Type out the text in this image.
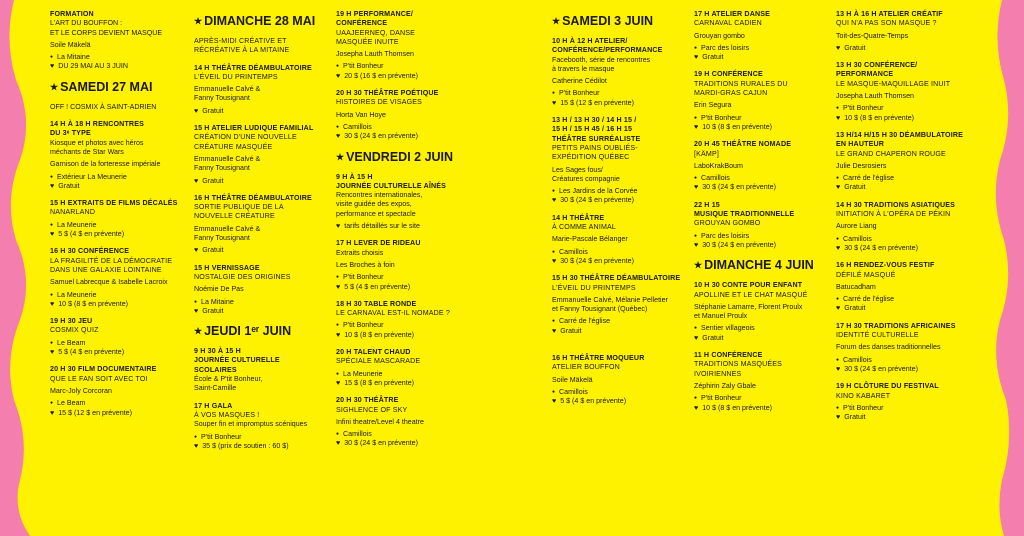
FORMATION
L'ART DU BOUFFON :
ET LE CORPS DEVIENT MASQUE
Soile Mäkelä
● La Mitaine
♥ DU 29 MAI AU 3 JUIN
★ SAMEDI 27 MAI
OFF ! COSMIX À SAINT-ADRIEN
14 H À 18 H RENCONTRES
DU 3ᵉ TYPE
Kiosque et photos avec héros
méchants de Star Wars
Garnison de la forteresse impériale
● Extérieur La Meunerie
♥ Gratuit
15 H EXTRAITS DE FILMS DÉCALÉS
NANARLAND
● La Meunerie
♥ 5 $ (4 $ en prévente)
16 H 30 CONFÉRENCE
LA FRAGILITÉ DE LA DÉMOCRATIE
DANS UNE GALAXIE LOINTAINE
Samuel Labrecque & Isabelle Lacroix
● La Meunerie
♥ 10 $ (8 $ en prévente)
19 H 30 JEU
COSMIX QUIZ
● Le Beam
♥ 5 $ (4 $ en prévente)
20 H 30 FILM DOCUMENTAIRE
QUE LE FAN SOIT AVEC TOI
Marc-Joly Corcoran
● Le Beam
♥ 15 $ (12 $ en prévente)
★ DIMANCHE 28 MAI
APRÈS-MIDI CRÉATIVE ET
RÉCRÉATIVE À LA MITAINE
14 H THÉÂTRE DÉAMBULATOIRE
L'ÉVEIL DU PRINTEMPS
Emmanuelle Calvé &
Fanny Tousignant
♥ Gratuit
15 H ATELIER LUDIQUE FAMILIAL
CRÉATION D'UNE NOUVELLE
CRÉATURE MASQUÉE
Emmanuelle Calvé &
Fanny Tousignant
♥ Gratuit
16 H THÉÂTRE DÉAMBULATOIRE
SORTIE PUBLIQUE DE LA
NOUVELLE CRÉATURE
Emmanuelle Calvé &
Fanny Tousignant
♥ Gratuit
15 H VERNISSAGE
NOSTALGIE DES ORIGINES
Noémie De Pas
● La Mitaine
♥ Gratuit
★ JEUDI 1ᵉʳ JUIN
9 H 30 À 15 H
JOURNÉE CULTURELLE
SCOLAIRES
École & P'tit Bonheur,
Saint-Camille
17 H GALA
À VOS MASQUES !
Souper fin et impromptus scéniques
● P'tit Bonheur
♥ 35 $ (prix de soutien : 60 $)
19 H PERFORMANCE/
CONFÉRENCE
UAAJEERNEQ, DANSE
MASQUÉE INUITE
Josepha Lauth Thomsen
● P'tit Bonheur
♥ 20 $ (16 $ en prévente)
20 H 30 THÉÂTRE POÉTIQUE
HISTOIRES DE VISAGES
Horta Van Hoye
● Camillois
♥ 30 $ (24 $ en prévente)
★ VENDREDI 2 JUIN
9 H À 15 H
JOURNÉE CULTURELLE AÎNÉS
Rencontres internationales,
visite guidée des expos,
performance et spectacle
♥ tarifs détaillés sur le site
17 H LEVER DE RIDEAU
Extraits choisis
Les Broches à foin
● P'tit Bonheur
♥ 5 $ (4 $ en prévente)
18 H 30 TABLE RONDE
LE CARNAVAL EST-IL NOMADE ?
● P'tit Bonheur
♥ 10 $ (8 $ en prévente)
20 H TALENT CHAUD
SPÉCIALE MASCARADE
● La Meunerie
♥ 15 $ (8 $ en prévente)
20 H 30 THÉÂTRE
SIGHLENCE OF SKY
Infini theatre/Level 4 theatre
● Camillois
♥ 30 $ (24 $ en prévente)
★ SAMEDI 3 JUIN
10 H À 12 H ATELIER/
CONFÉRENCE/PERFORMANCE
Facebooth, série de rencontres
à travers le masque
Catherine Cédilot
● P'tit Bonheur
♥ 15 $ (12 $ en prévente)
13 H / 13 H 30 / 14 H 15 /
15 H / 15 H 45 / 16 H 15
THÉÂTRE SURRÉALISTE
PETITS PAINS OUBLIÉS-
EXPÉDITION QUÉBEC
Les Sages fous/
Créatures compagnie
● Les Jardins de la Corvée
♥ 30 $ (24 $ en prévente)
14 H THÉÂTRE
À COMME ANIMAL
Marie-Pascale Bélanger
● Camillois
♥ 30 $ (24 $ en prévente)
15 H 30 THÉÂTRE DÉAMBULATOIRE
L'ÉVEIL DU PRINTEMPS
Emmanuelle Calvé, Mélanie Pelletier
et Fanny Tousignant (Québec)
● Carré de l'église
♥ Gratuit
16 H THÉÂTRE MOQUEUR
ATELIER BOUFFON
Soile Mäkelä
● Camillois
♥ 5 $ (4 $ en prévente)
17 H ATELIER DANSE
CARNAVAL CADIEN
Grouyan gombo
● Parc des loisirs
♥ Gratuit
19 H CONFÉRENCE
TRADITIONS RURALES DU
MARDI-GRAS CAJUN
Erin Segura
● P'tit Bonheur
♥ 10 $ (8 $ en prévente)
20 H 45 THÉÂTRE NOMADE
[KÄMP]
LaboKrakBoum
● Camillois
♥ 30 $ (24 $ en prévente)
22 H 15
MUSIQUE TRADITIONNELLE
GROUYAN GOMBO
● Parc des loisirs
♥ 30 $ (24 $ en prévente)
★ DIMANCHE 4 JUIN
10 H 30 CONTE POUR ENFANT
APOLLINE ET LE CHAT MASQUÉ
Stéphanie Lamarre, Florent Proulx
et Manuel Proulx
● Sentier villageois
♥ Gratuit
11 H CONFÉRENCE
TRADITIONS MASQUÉES
IVOIRIENNES
Zéphirin Zaly Gbale
● P'tit Bonheur
♥ 10 $ (8 $ en prévente)
13 H À 16 H ATELIER CRÉATIF
QUI N'A PAS SON MASQUE ?
Toit-des-Quatre-Temps
♥ Gratuit
13 H 30 CONFÉRENCE/
PERFORMANCE
LE MASQUE-MAQUILLAGE INUIT
Josepha Lauth Thomsen
● P'tit Bonheur
♥ 10 $ (8 $ en prévente)
13 H/14 H/15 H 30 DÉAMBULATOIRE
EN HAUTEUR
LE GRAND CHAPERON ROUGE
Julie Desrosiers
● Carré de l'église
♥ Gratuit
14 H 30 TRADITIONS ASIATIQUES
INITIATION À L'OPÉRA DE PÉKIN
Aurore Liang
● Camillois
♥ 30 $ (24 $ en prévente)
16 H RENDEZ-VOUS FESTIF
DÉFILÉ MASQUÉ
Batucadham
● Carré de l'église
♥ Gratuit
17 H 30 TRADITIONS AFRICAINES
IDENTITÉ CULTURELLE
Forum des danses traditionnelles
● Camillois
♥ 30 $ (24 $ en prévente)
19 H CLÔTURE DU FESTIVAL
KINO KABARET
● P'tit Bonheur
♥ Gratuit
